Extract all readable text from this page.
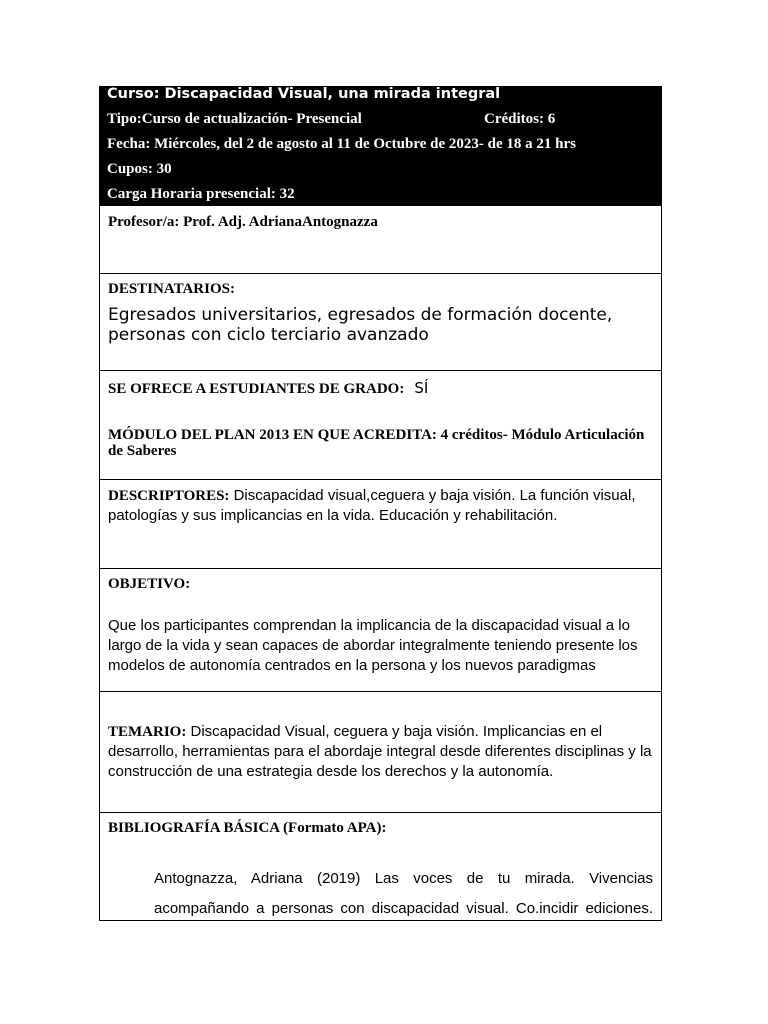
Curso: Discapacidad Visual, una mirada integral
Tipo:Curso de actualización- Presencial	Créditos: 6
Fecha: Miércoles, del 2 de agosto al 11 de Octubre de 2023- de 18 a 21 hrs
Cupos: 30
Carga Horaria presencial: 32
Profesor/a: Prof. Adj. AdrianaAntognazza
DESTINATARIOS:
Egresados universitarios, egresados de formación docente, personas con ciclo terciario avanzado
SE OFRECE A ESTUDIANTES DE GRADO: SÍ
MÓDULO DEL PLAN 2013 EN QUE ACREDITA: 4 créditos- Módulo Articulación de Saberes
DESCRIPTORES: Discapacidad visual,ceguera y baja visión. La función visual, patologías y sus implicancias en la vida. Educación y rehabilitación.
OBJETIVO:
Que los participantes comprendan la implicancia de la discapacidad visual a lo largo de la vida y sean capaces de abordar integralmente teniendo presente los modelos de autonomía centrados en la persona y los nuevos paradigmas
TEMARIO: Discapacidad Visual, ceguera y baja visión. Implicancias en el desarrollo, herramientas para el abordaje integral desde diferentes disciplinas y la construcción de una estrategia desde los derechos y la autonomía.
BIBLIOGRAFÍA BÁSICA (Formato APA):
Antognazza, Adriana (2019) Las voces de tu mirada. Vivencias
acompañando a personas con discapacidad visual. Co.incidir ediciones.
